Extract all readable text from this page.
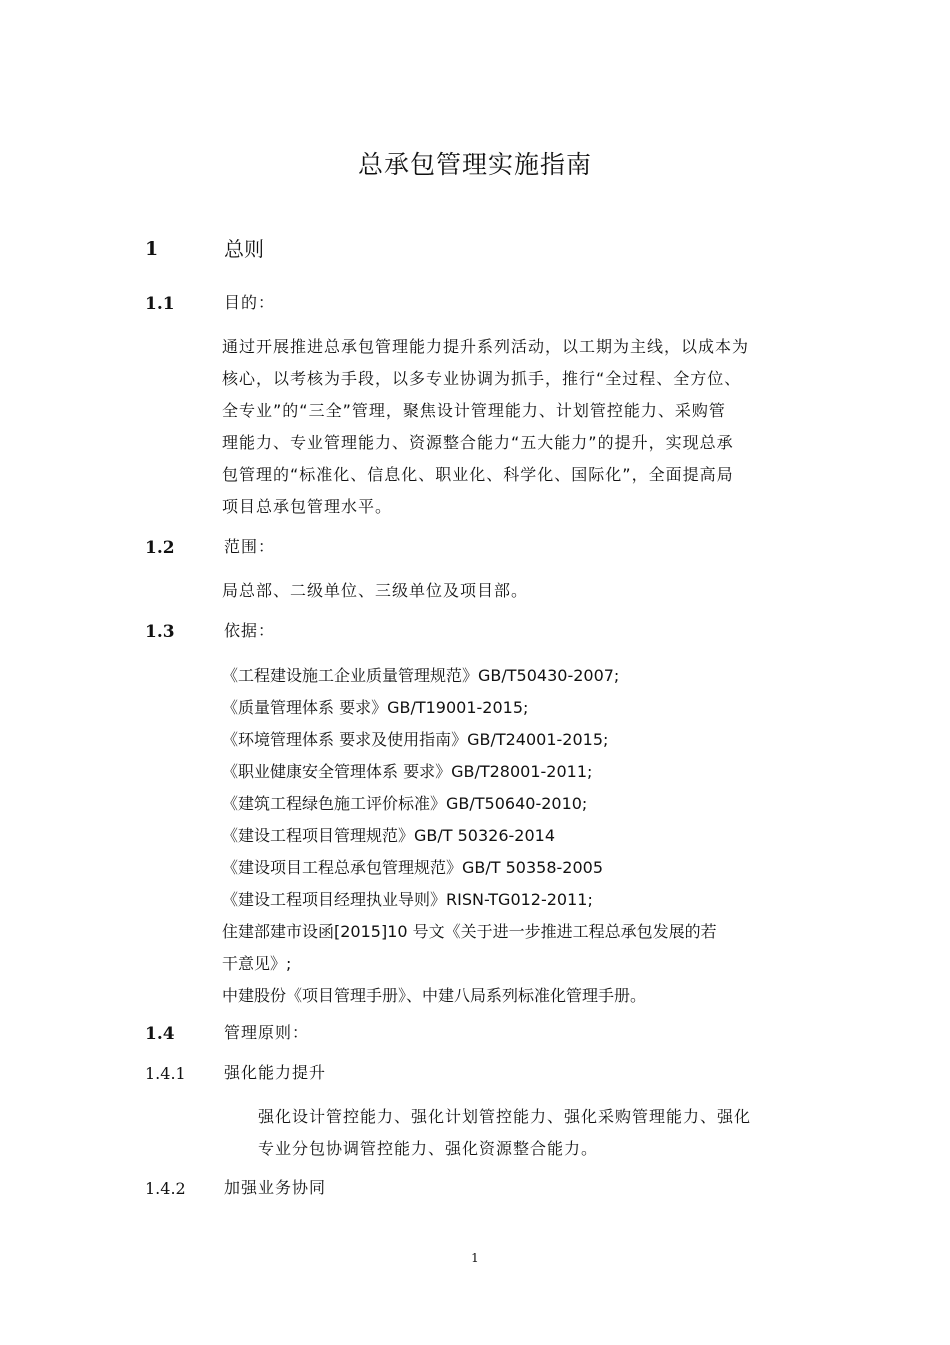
总承包管理实施指南
1	总则
1.1	目的：
通过开展推进总承包管理能力提升系列活动，以工期为主线，以成本为
核心，以考核为手段，以多专业协调为抓手，推行“全过程、全方位、
全专业”的“三全”管理，聚焦设计管理能力、计划管控能力、采购管
理能力、专业管理能力、资源整合能力“五大能力”的提升，实现总承
包管理的“标准化、信息化、职业化、科学化、国际化”，全面提高局
项目总承包管理水平。
1.2	范围：
局总部、二级单位、三级单位及项目部。
1.3	依据：
《工程建设施工企业质量管理规范》GB/T50430-2007;
《质量管理体系 要求》GB/T19001-2015;
《环境管理体系 要求及使用指南》GB/T24001-2015;
《职业健康安全管理体系 要求》GB/T28001-2011;
《建筑工程绿色施工评价标准》GB/T50640-2010;
《建设工程项目管理规范》GB/T 50326-2014
《建设项目工程总承包管理规范》GB/T 50358-2005
《建设工程项目经理执业导则》RISN-TG012-2011;
住建部建市设函[2015]10 号文《关于进一步推进工程总承包发展的若
干意见》;
中建股份《项目管理手册》、中建八局系列标准化管理手册。
1.4	管理原则：
1.4.1 强化能力提升
强化设计管控能力、强化计划管控能力、强化采购管理能力、强化
专业分包协调管控能力、强化资源整合能力。
1.4.2 加强业务协同
1
